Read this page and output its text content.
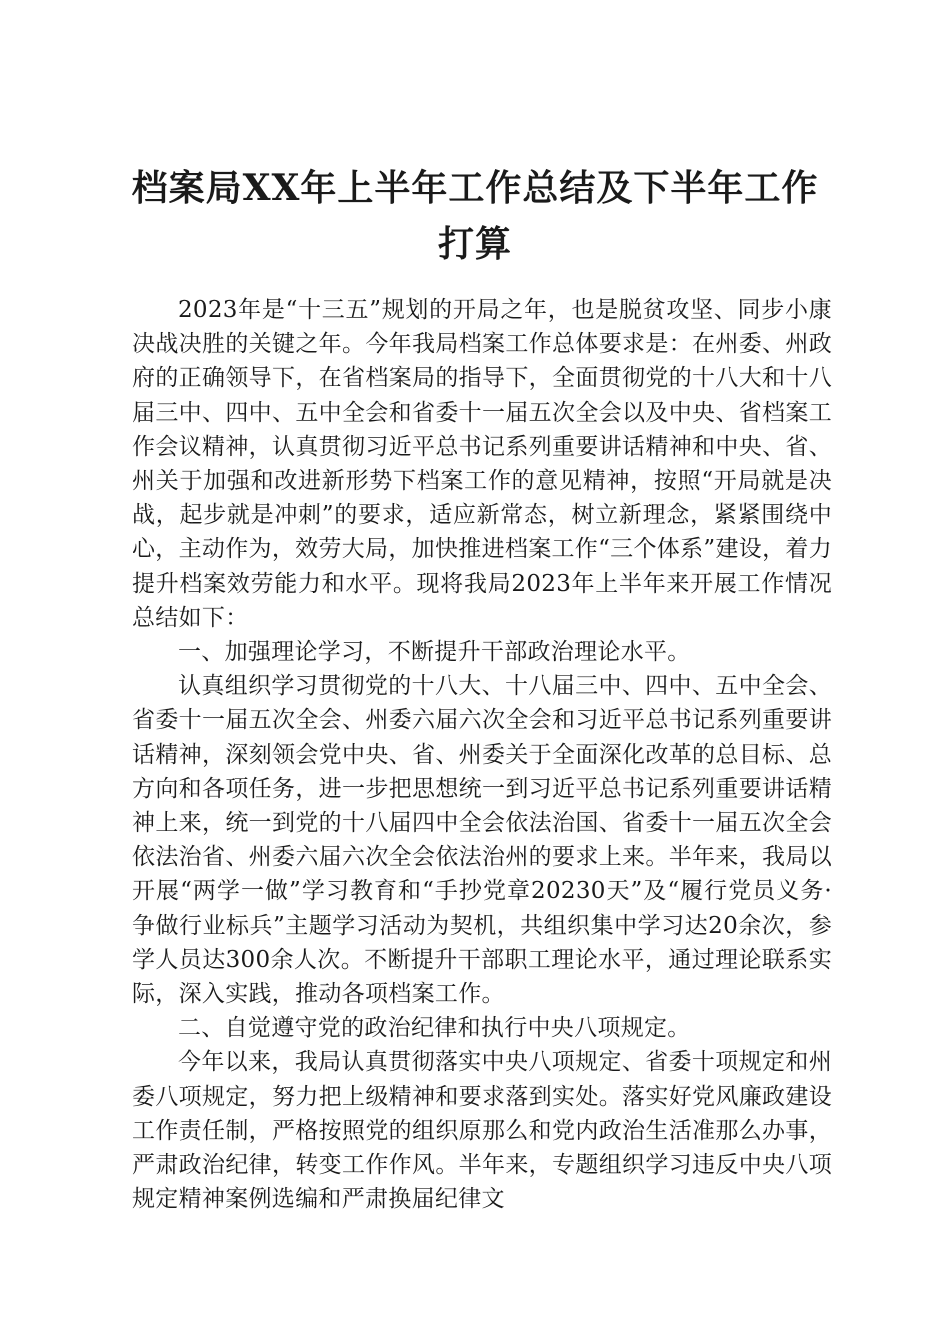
档案局XX年上半年工作总结及下半年工作打算

2023年是“十三五”规划的开局之年，也是脱贫攻坚、同步小康决战决胜的关键之年。今年我局档案工作总体要求是：在州委、州政府的正确领导下，在省档案局的指导下，全面贯彻党的十八大和十八届三中、四中、五中全会和省委十一届五次全会以及中央、省档案工作会议精神，认真贯彻习近平总书记系列重要讲话精神和中央、省、州关于加强和改进新形势下档案工作的意见精神，按照“开局就是决战，起步就是冲刺”的要求，适应新常态，树立新理念，紧紧围绕中心，主动作为，效劳大局，加快推进档案工作“三个体系”建设，着力提升档案效劳能力和水平。现将我局2023年上半年来开展工作情况总结如下：

一、加强理论学习，不断提升干部政治理论水平。

认真组织学习贯彻党的十八大、十八届三中、四中、五中全会、省委十一届五次全会、州委六届六次全会和习近平总书记系列重要讲话精神，深刻领会党中央、省、州委关于全面深化改革的总目标、总方向和各项任务，进一步把思想统一到习近平总书记系列重要讲话精神上来，统一到党的十八届四中全会依法治国、省委十一届五次全会依法治省、州委六届六次全会依法治州的要求上来。半年来，我局以开展“两学一做”学习教育和“手抄党章20230天”及“履行党员义务·争做行业标兵”主题学习活动为契机，共组织集中学习达20余次，参学人员达300余人次。不断提升干部职工理论水平，通过理论联系实际，深入实践，推动各项档案工作。

二、自觉遵守党的政治纪律和执行中央八项规定。

今年以来，我局认真贯彻落实中央八项规定、省委十项规定和州委八项规定，努力把上级精神和要求落到实处。落实好党风廉政建设工作责任制，严格按照党的组织原那么和党内政治生活准那么办事，严肃政治纪律，转变工作作风。半年来，专题组织学习违反中央八项规定精神案例选编和严肃换届纪律文
